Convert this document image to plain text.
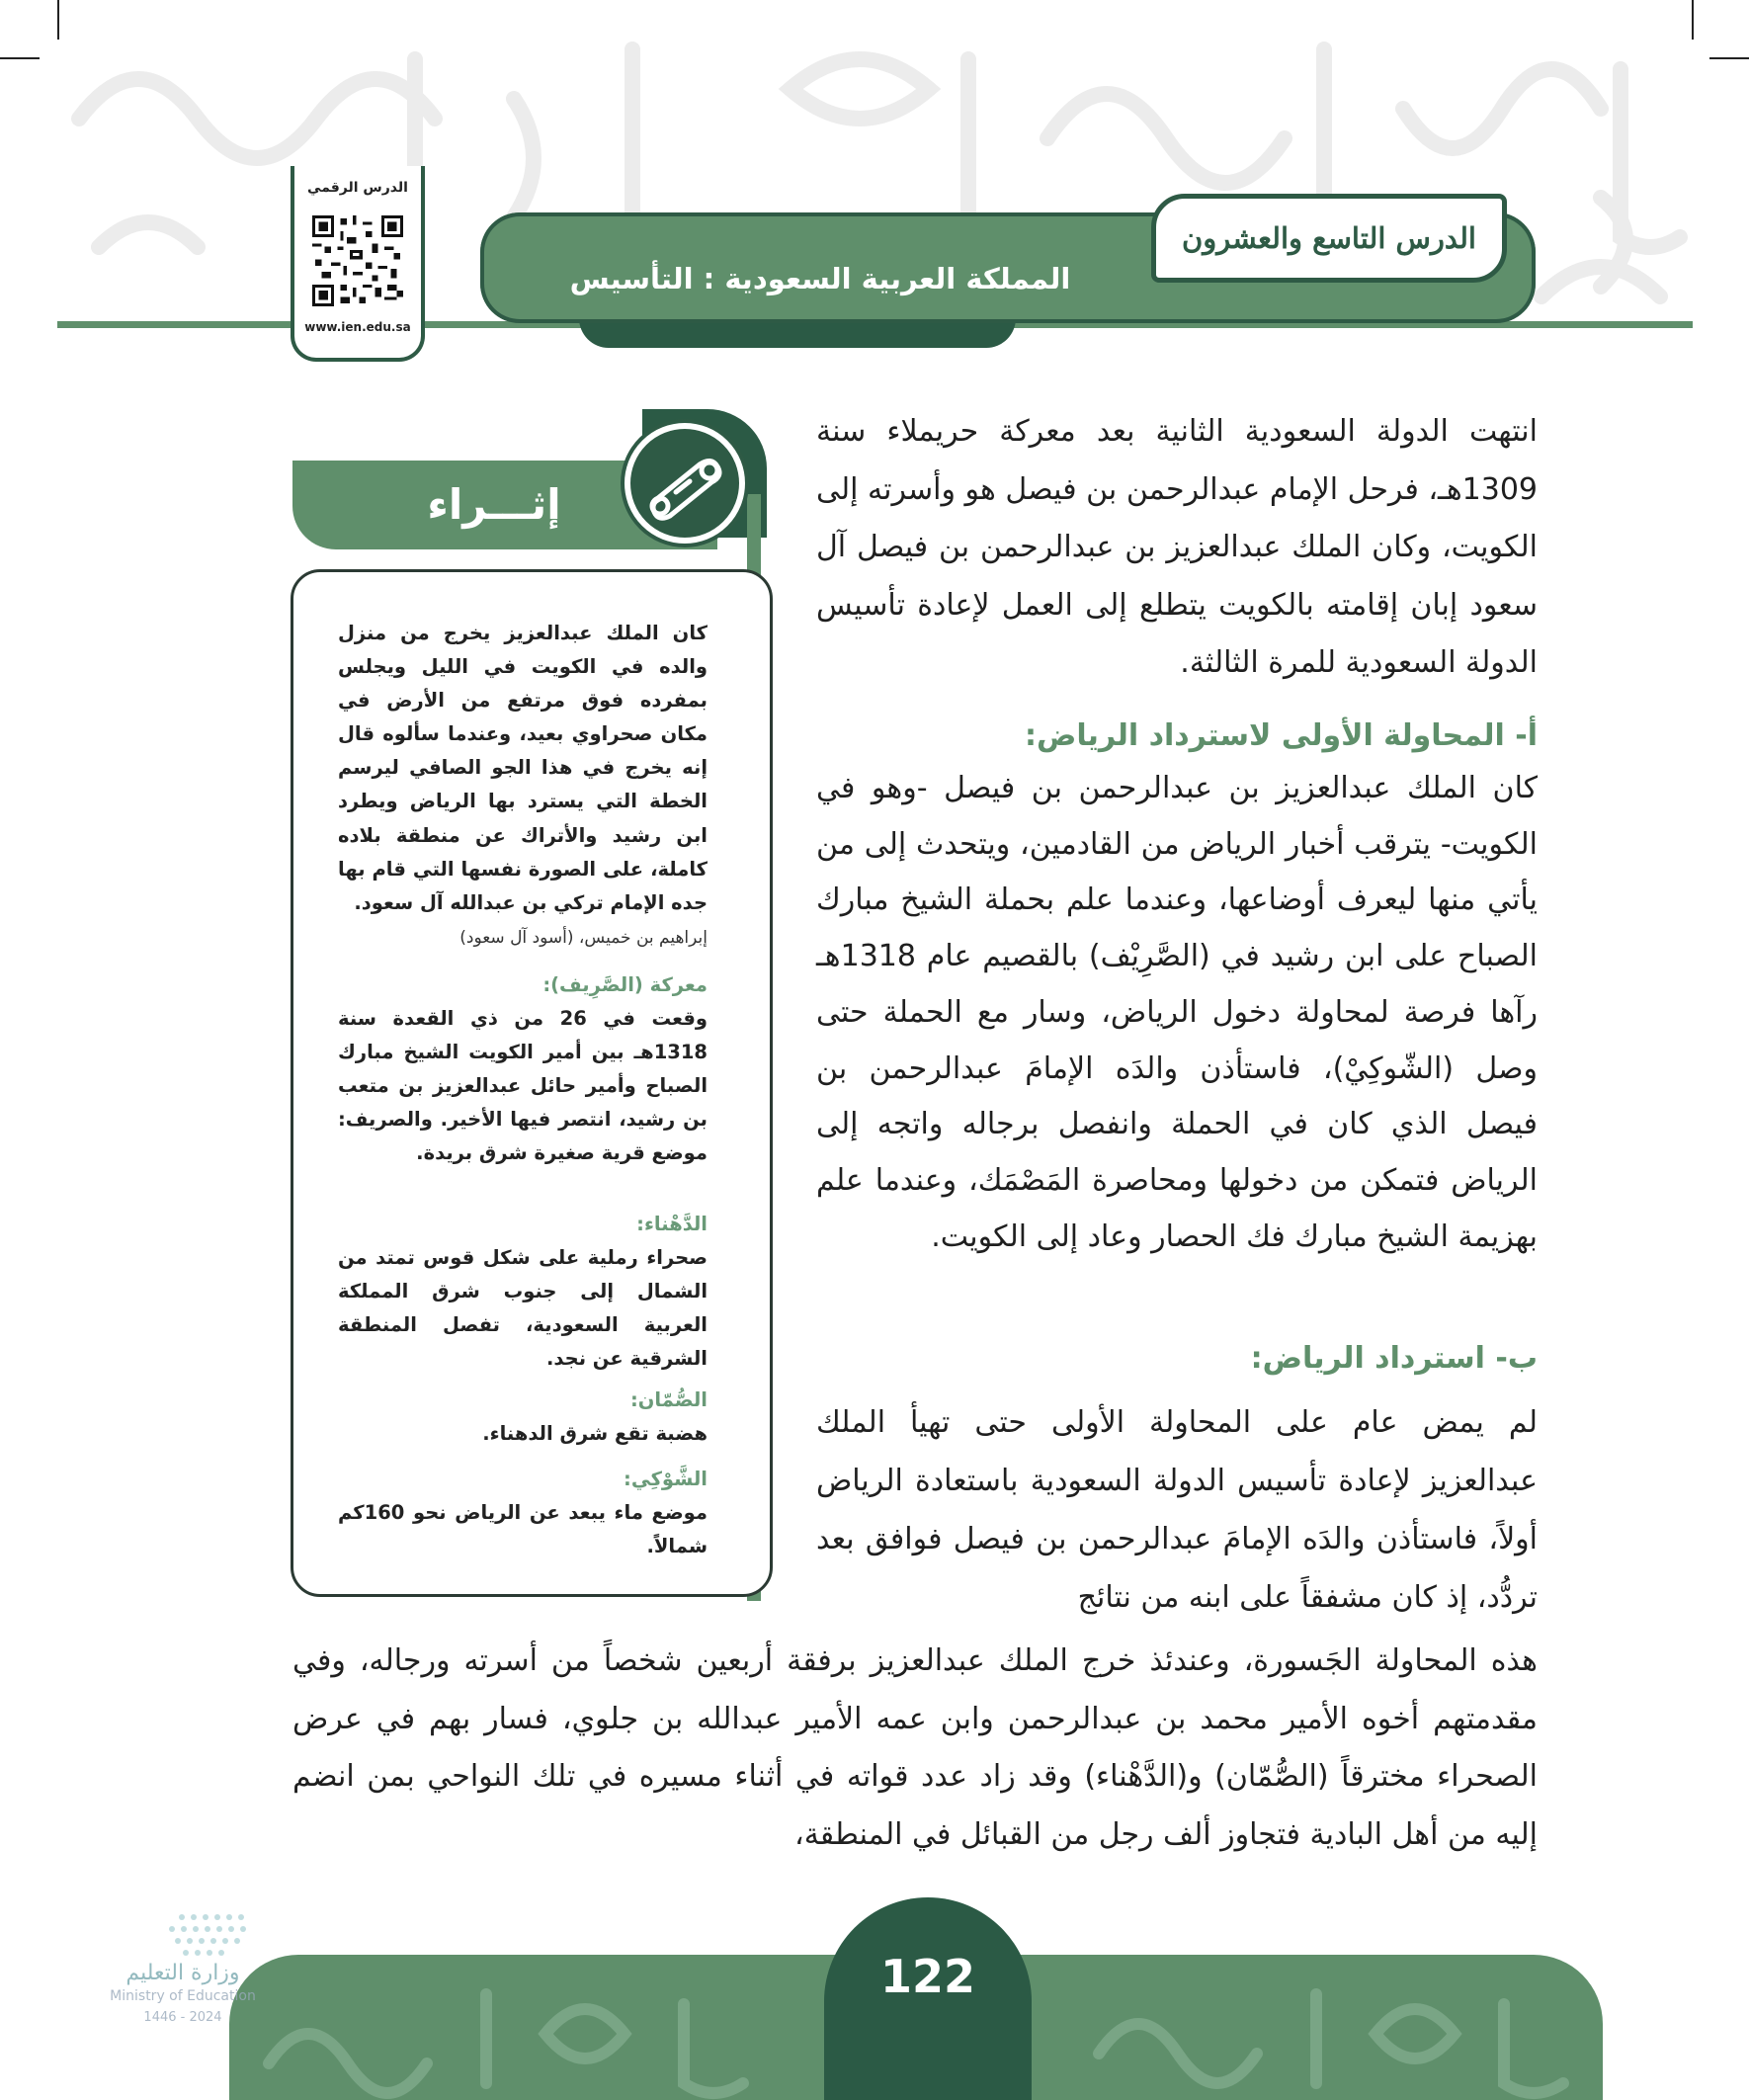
المملكة العربية السعودية : التأسيس
الدرس التاسع والعشرون
الدرس الرقمي
www.ien.edu.sa
انتهت الدولة السعودية الثانية بعد معركة حريملاء سنة 1309هـ، فرحل الإمام عبدالرحمن بن فيصل هو وأسرته إلى الكويت، وكان الملك عبدالعزيز بن عبدالرحمن بن فيصل آل سعود إبان إقامته بالكويت يتطلع إلى العمل لإعادة تأسيس الدولة السعودية للمرة الثالثة.
أ- المحاولة الأولى لاسترداد الرياض:
كان الملك عبدالعزيز بن عبدالرحمن بن فيصل -وهو في الكويت- يترقب أخبار الرياض من القادمين، ويتحدث إلى من يأتي منها ليعرف أوضاعها، وعندما علم بحملة الشيخ مبارك الصباح على ابن رشيد في (الصَّرِيْف) بالقصيم عام 1318هـ رآها فرصة لمحاولة دخول الرياض، وسار مع الحملة حتى وصل (الشّوكِيْ)، فاستأذن والدَه الإمامَ عبدالرحمن بن فيصل الذي كان في الحملة وانفصل برجاله واتجه إلى الرياض فتمكن من دخولها ومحاصرة المَصْمَك، وعندما علم بهزيمة الشيخ مبارك فك الحصار وعاد إلى الكويت.
ب- استرداد الرياض:
لم يمض عام على المحاولة الأولى حتى تهيأ الملك عبدالعزيز لإعادة تأسيس الدولة السعودية باستعادة الرياض أولاً، فاستأذن والدَه الإمامَ عبدالرحمن بن فيصل فوافق بعد تردُّد، إذ كان مشفقاً على ابنه من نتائج
هذه المحاولة الجَسورة، وعندئذ خرج الملك عبدالعزيز برفقة أربعين شخصاً من أسرته ورجاله، وفي مقدمتهم أخوه الأمير محمد بن عبدالرحمن وابن عمه الأمير عبدالله بن جلوي، فسار بهم في عرض الصحراء مخترقاً (الصُّمّان) و(الدَّهْناء) وقد زاد عدد قواته في أثناء مسيره في تلك النواحي بمن انضم إليه من أهل البادية فتجاوز ألف رجل من القبائل في المنطقة،
إثـــراء
كان الملك عبدالعزيز يخرج من منزل والده في الكويت في الليل ويجلس بمفرده فوق مرتفع من الأرض في مكان صحراوي بعيد، وعندما سألوه قال إنه يخرج في هذا الجو الصافي ليرسم الخطة التي يسترد بها الرياض ويطرد ابن رشيد والأتراك عن منطقة بلاده كاملة، على الصورة نفسها التي قام بها جده الإمام تركي بن عبدالله آل سعود.
إبراهيم بن خميس، (أسود آل سعود)
معركة (الصَّرِيف):
وقعت في 26 من ذي القعدة سنة 1318هـ بين أمير الكويت الشيخ مبارك الصباح وأمير حائل عبدالعزيز بن متعب بن رشيد، انتصر فيها الأخير. والصريف: موضع قرية صغيرة شرق بريدة.
الدَّهْناء:
صحراء رملية على شكل قوس تمتد من الشمال إلى جنوب شرق المملكة العربية السعودية، تفصل المنطقة الشرقية عن نجد.
الصُّمّان:
هضبة تقع شرق الدهناء.
الشَّوْكِي:
موضع ماء يبعد عن الرياض نحو 160كم شمالاً.
122
وزارة التعليم
Ministry of Education
2024 - 1446
